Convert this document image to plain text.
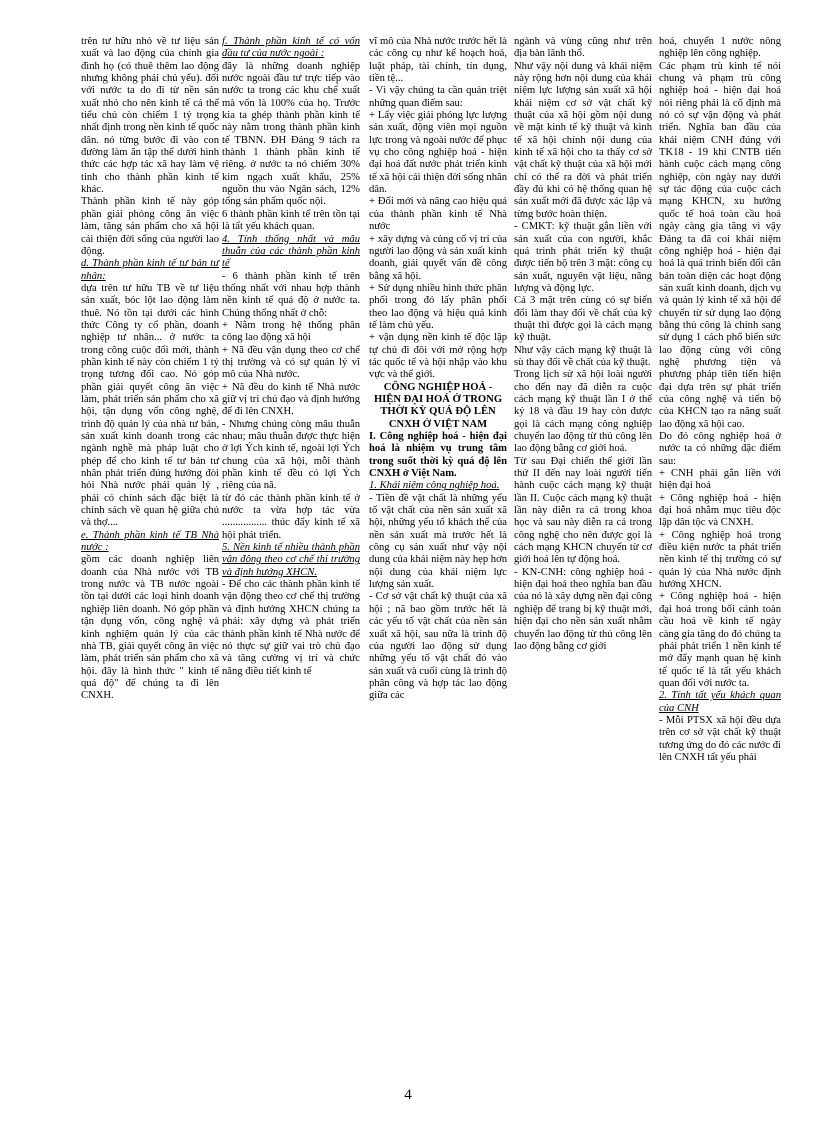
trên tư hữu nhỏ về tư liệu sản xuất và lao động của chính gia đình họ (có thuê thêm lao động nhưng không phải chủ yếu). đối với nước ta do đi từ nền sản xuất nhỏ cho nên kinh tế cá thể tiểu chủ còn chiếm 1 tỷ trọng nhất định trong nền kinh tế quốc dân. nó từng bước đi vào con đường làm ăn tập thể dưới hình thức các hợp tác xã hay làm vệ tinh cho thành phần kinh tế khác.

Thành phần kinh tế này góp phần giải phóng công ăn việc làm, tăng sản phẩm cho xã hội cải thiện đời sống của người lao động.

d. Thành phần kinh tế tư bản tư nhân:

dựa trên tư hữu TB về tư liệu sản xuất, bóc lột lao động làm thuê. Nó tồn tại dưới các hình thức Công ty cổ phần, doanh nghiệp tư nhân... ở nước ta trong công cuộc đổi mới, thành phần kinh tế này còn chiếm 1 tỷ trọng tương đối cao. Nó góp phần giải quyết công ăn việc làm, phát triển sản phẩm cho xã hội, tận dụng vốn công nghệ, trình độ quản lý của nhà tư bản, sản xuất kinh doanh trong các ngành nghề mà pháp luật cho phép để cho kinh tế tư bản tư nhân phát triển đúng hướng đòi hỏi Nhà nước phải quản lý , phải có chính sách đặc biệt là chính sách về quan hệ giữa chủ và thợ....

e. Thành phần kinh tế TB Nhà nước :

gồm các doanh nghiệp liên doanh của Nhà nước với TB trong nước và TB nước ngoài tồn tại dưới các loại hình doanh nghiệp liên doanh. Nó góp phần tận dụng vốn, công nghệ và kinh nghiệm quản lý của các nhà TB, giải quyết công ăn việc làm, phát triển sản phẩm cho xã hội. đây là hình thức " kinh tế quá độ" để chúng ta đi lên CNXH.

f. Thành phần kinh tế có vốn đầu tư của nước ngoài :

đây là những doanh nghiệp nước ngoài đầu tư trực tiếp vào nước ta trong các khu chế xuất mà vốn là 100% của họ. Trước kia ta ghép thành phần kinh tế này nằm trong thành phần kinh tế TBNN. ĐH Đảng 9 tách ra thành 1 thành phần kinh tế riêng. ở nước ta nó chiếm 30% kim ngạch xuất khẩu, 25% nguồn thu vào Ngân sách, 12% tổng sản phẩm quốc nội.

6 thành phần kinh tế trên tồn tại là tất yếu khách quan.

4. Tính thống nhất và mâu thuẫn của các thành phần kinh tế

- 6 thành phần kinh tế trên thống nhất với nhau hợp thành nền kinh tế quá độ ở nước ta. Chúng thống nhất ở chỗ:

+ Nằm trong hệ thống phân công lao động xã hội

+ Nã đều vận dụng theo cơ chế thị trường và có sự quản lý vĩ mô của Nhà nước.

+ Nã đều do kinh tế Nhà nước giữ vị trí chủ đạo và định hướng để đi lên CNXH.

- Nhưng chúng còng mâu thuẫn nhau; mâu thuẫn được thực hiện ở lợi Ých kinh tế, ngoài lợi Ých chung của xã hội, mỗi thành phần kinh tế đều có lợi Ých riêng của nã.

từ đó các thành phần kinh tế ở nước ta vừa hợp tác vừa ................. thúc đẩy kinh tế xã hội phát triển.

5. Nền kinh tế nhiều thành phần vận động theo cơ chế thị trường và định hướng XHCN.

- Để cho các thành phần kinh tế vận động theo cơ chế thị trường và định hướng XHCN chúng ta phải: xây dựng và phát triển thành phần kinh tế Nhà nước để nó thực sự giữ vai trò chủ đạo và tăng cường vị trí và chức năng điều tiết kinh tế

vĩ mô của Nhà nước trước hết là các công cụ như kế hoạch hoá, luật pháp, tài chính, tín dụng, tiền tệ...

- Vì vậy chúng ta cần quán triệt những quan điểm sau:

+ Lấy việc giải phóng lực lượng sản xuất, động viên mọi nguồn lực trong và ngoài nước để phục vụ cho công nghiệp hoá - hiện đại hoá đất nước phát triển kinh tế xã hội cải thiện đời sống nhân dân.

+ Đổi mới và nâng cao hiệu quả của thành phần kinh tế Nhà nước

+ xây dựng và củng cố vị trí của người lao động và sản xuất kinh doanh, giải quyết vấn đề công bằng xã hội.

+ Sử dụng nhiều hình thức phân phối trong đó lấy phân phối theo lao động và hiệu quả kinh tế làm chủ yếu.

+ vận dụng nền kinh tế độc lập tự chủ đi đôi với mở rộng hợp tác quốc tế và hội nhập vào khu vực và thế giới.

CÔNG NGHIỆP HOÁ - HIỆN ĐẠI HOÁ Ở TRONG THỜI KỲ QUÁ ĐỘ LÊN CNXH Ở VIỆT NAM

I. Công nghiệp hoá - hiện đại hoá là nhiệm vụ trung tâm trong suốt thời kỳ quá độ lên CNXH ở Việt Nam.

1. Khái niệm công nghiệp hoá.

- Tiền đề vật chất là những yếu tố vật chất của nền sản xuất xã hội, những yếu tố khách thể của nền sản xuất mà trước hết là công cụ sản xuất như vậy nội dung của khái niệm này hẹp hơn nội dung của khái niệm lực lượng sản xuất.

- Cơ sở vật chất kỹ thuật của xã hội ; nã bao gồm trước hết là các yếu tố vật chất của nền sản xuất xã hội, sau nữa là trình độ của người lao động sử dụng những yếu tố vật chất đó vào sản xuất và cuối cùng là trình độ phân công và hợp tác lao động giữa các

ngành và vùng cũng như trên địa bàn lãnh thổ.

Như vậy nội dung và khái niệm này rộng hơn nội dung của khái niệm lực lượng sản xuất xã hội khái niệm cơ sở vật chất kỹ thuật của xã hội gồm nội dung về mặt kinh tế kỹ thuật và kinh tế xã hội chính nội dung của kinh tế xã hội cho ta thấy cơ sở vật chất kỹ thuật của xã hội mới chỉ có thể ra đời và phát triển đầy đủ khi có hệ thống quan hệ sản xuất mới đã được xác lập và từng bước hoàn thiện.

- CMKT: kỹ thuật gắn liền với sản xuất của con người, khắc quá trình phát triển kỹ thuật được tiến bộ trên 3 mặt: công cụ sản xuất, nguyên vật liệu, năng lượng và động lực.

Cả 3 mặt trên cùng có sự biến đổi làm thay đổi về chất của kỹ thuật thì được gọi là cách mạng kỹ thuật.

Như vậy cách mạng kỹ thuật là sù thay đổi về chất của kỹ thuật.

Trong lịch sử xã hội loài người cho đến nay đã diễn ra cuộc cách mạng kỹ thuật lần I ở thế kỷ 18 và đầu 19 hay còn được gọi là cách mạng công nghiệp chuyển lao động từ thủ công lên lao động bằng cơ giới hoá.

Từ sau Đại chiến thế giới lần thứ II đến nay loài người tiến hành cuộc cách mạng kỹ thuật lần II. Cuộc cách mạng kỹ thuật lần này diễn ra cả trong khoa học và sau này diễn ra cả trong công nghệ cho nên được gọi là cách mạng KHCN chuyển từ cơ giới hoá lên tự động hoá.

- KN-CNH: công nghiệp hoá - hiện đại hoá theo nghĩa ban đầu của nó là xây dựng nền đại công nghiệp để trang bị kỹ thuật mới, hiện đại cho nền sản xuất nhằm chuyển lao động từ thủ công lên lao động bằng cơ giới

hoá, chuyển 1 nước nông nghiệp lên công nghiệp.

Các phạm trù kinh tế nói chung và phạm trù công nghiệp hoá - hiện đại hoá nói riêng phải là cố định mà nó có sự vận động và phát triển. Nghĩa ban đầu của khái niệm CNH đúng với TK18 - 19 khi CNTB tiến hành cuộc cách mạng công nghiệp, còn ngày nay dưới sự tác động của cuộc cách mạng KHCN, xu hướng quốc tế hoá toàn cầu hoá ngày càng gia tăng vì vậy Đảng ta đã coi khái niệm công nghiệp hoá - hiện đại hoá là quá trình biến đổi căn bản toàn diện các hoạt động sản xuất kinh doanh, dịch vụ và quản lý kinh tế xã hội để chuyển từ sử dụng lao động bằng thủ công là chính sang sử dụng 1 cách phổ biến sức lao động cùng với công nghệ phương tiện và phương pháp tiên tiến hiện đại dựa trên sự phát triển của công nghệ và tiến bộ của KHCN tạo ra năng suất lao động xã hội cao.

Do đó công nghiệp hoá ở nước ta có những đặc điểm sau:

+ CNH phải gắn liền với hiện đại hoá

+ Công nghiệp hoá - hiện đại hoá nhằm mục tiêu độc lập dân tộc và CNXH.

+ Công nghiệp hoá trong điều kiện nước ta phát triển nền kinh tế thị trường có sự quản lý của Nhà nước định hướng XHCN.

+ Công nghiệp hoá - hiện đại hoá trong bối cảnh toàn cầu hoá về kinh tế ngày càng gia tăng do đó chúng ta phải phát triển 1 nền kinh tế mở đẩy mạnh quan hệ kinh tế quốc tế là tất yếu khách quan đối với nước ta.

2. Tính tất yếu khách quan của CNH

- Mỗi PTSX xã hội đều dựa trên cơ sở vật chất kỹ thuật tương ứng do đó các nước đi lên CNXH tất yếu phải

4
